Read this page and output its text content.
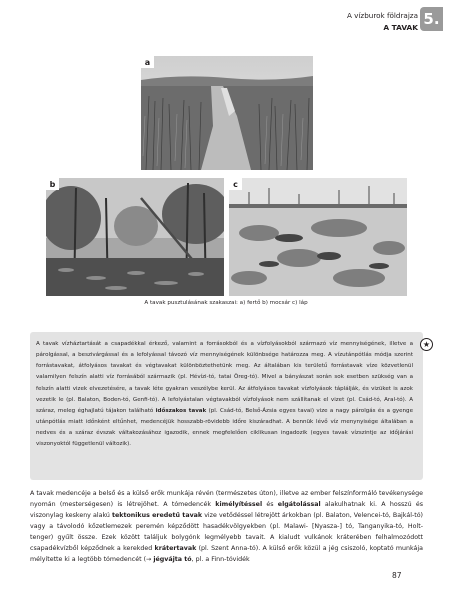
A vízburok földrajza
A TAVAK 5.
a
b	c
A tavak pusztulásának szakaszai: a) fertő b) mocsár c) láp
A tavak vízháztartását a csapadékkal érkező, valamint a forrásokból és a vízfolyásokból származó víz mennyiségének, illetve a párolgással, a beszivárgással és a lefolyással távozó víz mennyiségének különbsége határozza meg. A vízutánpótlás módja szerint forrástavakat, átfolyásos tavakat és végtavakat különböztethetünk meg. Az általában kis területű forrástavak víze közvetlenül valamilyen felszín alatti víz forrásából származik (pl. Hévízi-tó, tatai Öreg-tó). Mivel a bányászat során sok esetben szükség van a felszín alatti vizek elvezetésére, a tavak léte gyakran veszélybe kerül. Az átfolyásos tavakat vízfolyások táplálják, és vizüket is azok vezetik le (pl. Balaton, Boden-tó, Genfi-tó). A lefolyástalan végtavakból vízfolyások nem szállítanak el vizet (pl. Csád-tó, Aral-tó). A száraz, meleg éghajlatú tájakon található időszakos tavak (pl. Csád-tó, Belső-Ázsia egyes tavai) vize a nagy párolgás és a gyenge utánpótlás miatt időnként eltűnhet, medencéjük hosszabb-rövidebb időre kiszáradhat. A bennük lévő víz menynyisége általában a nedves és a száraz évszak váltakozásához igazodik, ennek megfelelően ciklikusan ingadozik (egyes tavak vízszintje az időjárási viszonyoktól függetlenül változik).
★
A tavak medencéje a belső és a külső erők munkája révén (természetes úton), illetve az ember felszínformáló tevékenysége nyomán (mesterségesen) is létrejöhet. A tómedencék kimélyítéssel és elgátolással alakulhatnak ki. A hosszú és viszonylag keskeny alakú tektonikus eredetű tavak vize vetődéssel létrejött árkokban (pl. Balaton, Velencei-tó, Bajkál-tó) vagy a távolodó kőzetlemezek peremén képződött hasadékvölgyekben (pl. Malawi- [Nyasza-] tó, Tanganyika-tó, Holt-tenger) gyűlt össze. Ezek között találjuk bolygónk legmélyebb tavait. A kialudt vulkánok kráterében felhalmozódott csapadékvízből képződnek a kerekded krátertavak (pl. Szent Anna-tó). A külső erők közül a jég csiszoló, koptató munkája mélyítette ki a legtöbb tómedencét (→ jégvájta tó, pl. a Finn-tóvidék
87
